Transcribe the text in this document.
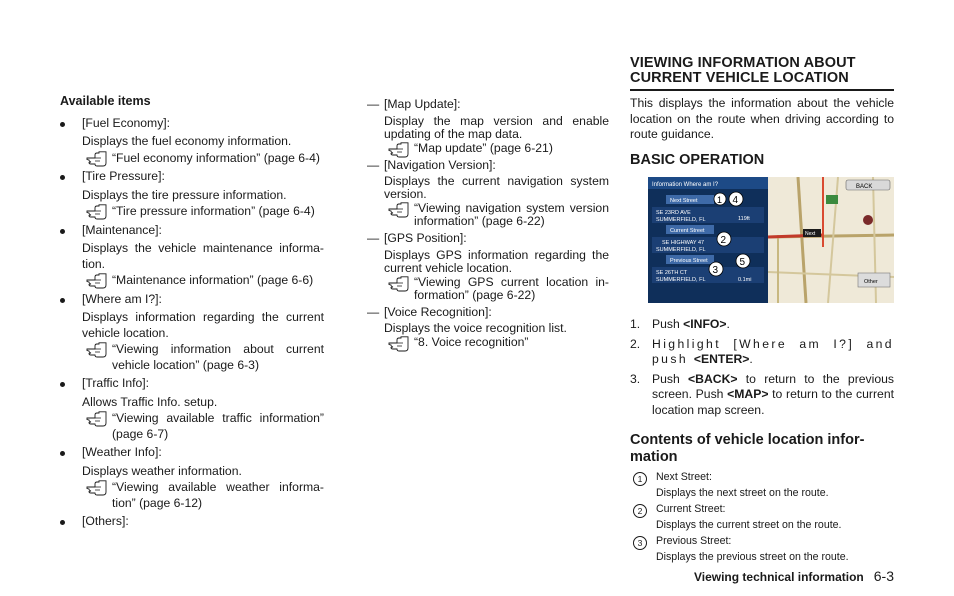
Available items
[Fuel Economy]:
Displays the fuel economy information.
“Fuel economy information” (page 6-4)
[Tire Pressure]:
Displays the tire pressure information.
“Tire pressure information” (page 6-4)
[Maintenance]:
Displays the vehicle maintenance informa-tion.
“Maintenance information” (page 6-6)
[Where am I?]:
Displays information regarding the current vehicle location.
“Viewing information about current vehicle location” (page 6-3)
[Traffic Info]:
Allows Traffic Info. setup.
“Viewing available traffic information” (page 6-7)
[Weather Info]:
Displays weather information.
“Viewing available weather informa-tion” (page 6-12)
[Others]:
— [Map Update]:
Display the map version and enable updating of the map data.
“Map update” (page 6-21)
— [Navigation Version]:
Displays the current navigation system version.
“Viewing navigation system version information” (page 6-22)
— [GPS Position]:
Displays GPS information regarding the current vehicle location.
“Viewing GPS current location in-formation” (page 6-22)
— [Voice Recognition]:
Displays the voice recognition list.
“8. Voice recognition”
VIEWING INFORMATION ABOUT
CURRENT VEHICLE LOCATION
This displays the information about the vehicle location on the route when driving according to route guidance.
BASIC OPERATION
Information Where am I?
Next Street
SE 23RD AVE
SUMMERFIELD, FL	119ft
Current Street
SE HIGHWAY 47
SUMMERFIELD, FL
Previous Street
SE 26TH CT
SUMMERFIELD, FL	0.1mi
1 4
2
3
5
BACK
Next
Other
1. Push <INFO>.
2. Highlight [Where am I?] and push <ENTER>.
3. Push <BACK> to return to the previous screen. Push <MAP> to return to the current location map screen.
Contents of vehicle location infor-mation
1	Next Street:
Displays the next street on the route.
2	Current Street:
Displays the current street on the route.
3	Previous Street:
Displays the previous street on the route.
Viewing technical information 6-3
